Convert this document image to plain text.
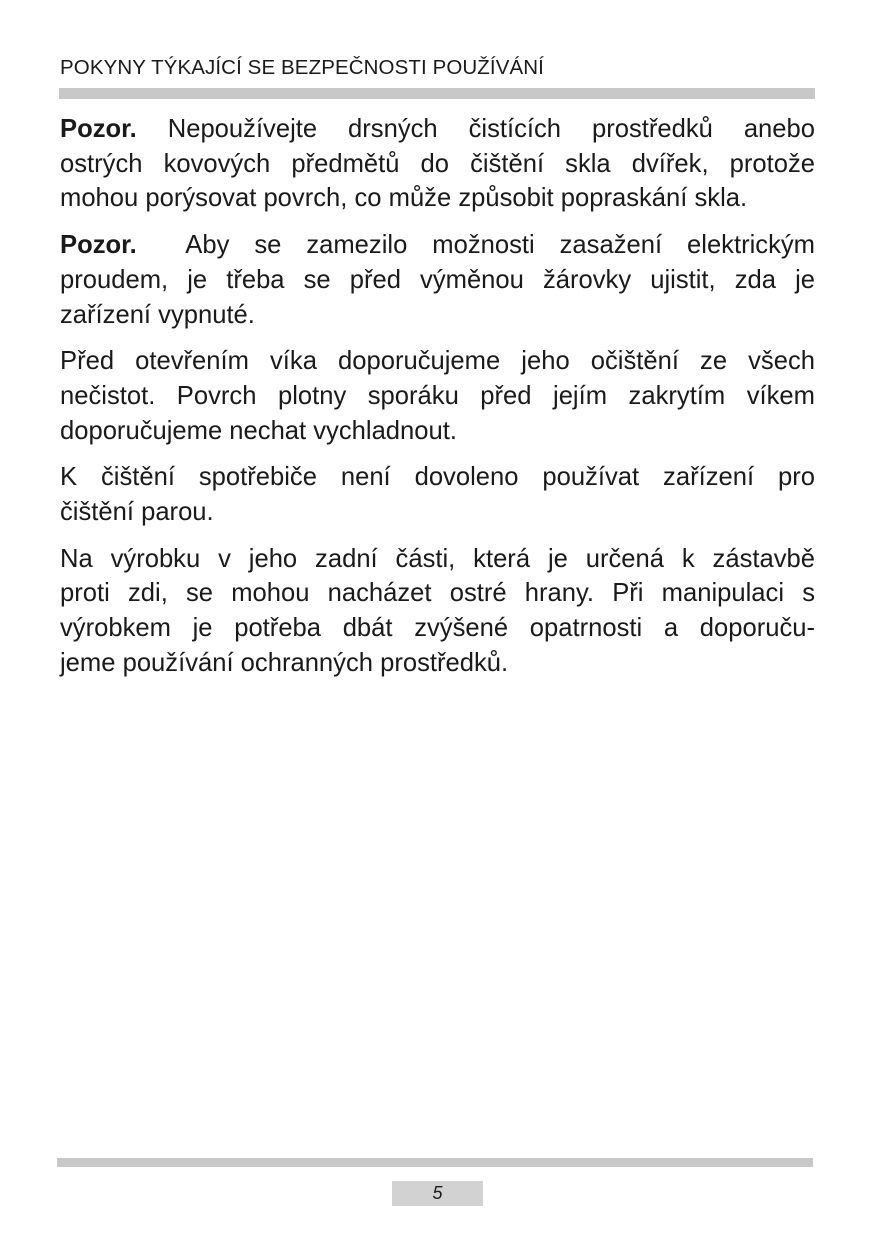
POKYNY TÝKAJÍCÍ SE BEZPEČNOSTI POUŽÍVÁNÍ

Pozor. Nepoužívejte drsných čistících prostředků anebo
ostrých kovových předmětů do čištění skla dvířek, protože
mohou porýsovat povrch, co může způsobit popraskání skla.

Pozor. Aby se zamezilo možnosti zasažení elektrickým
proudem, je třeba se před výměnou žárovky ujistit, zda je
zařízení vypnuté.

Před otevřením víka doporučujeme jeho očištění ze všech
nečistot. Povrch plotny sporáku před jejím zakrytím víkem
doporučujeme nechat vychladnout.

K čištění spotřebiče není dovoleno používat zařízení pro
čištění parou.

Na výrobku v jeho zadní části, která je určená k zástavbě
proti zdi, se mohou nacházet ostré hrany. Při manipulaci s
výrobkem je potřeba dbát zvýšené opatrnosti a doporuču-
jeme používání ochranných prostředků.

5
